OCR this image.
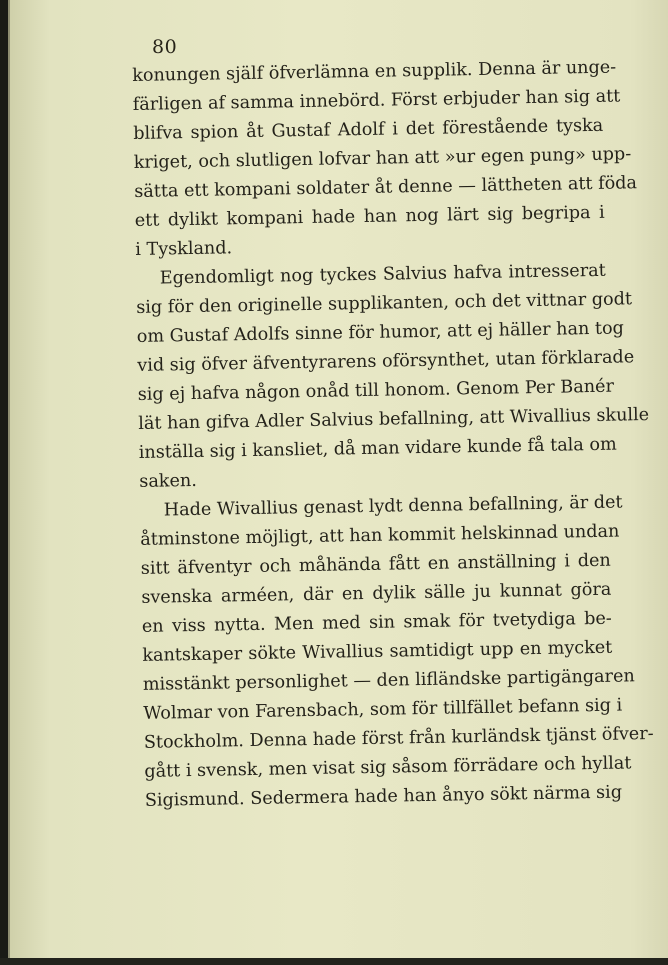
80
konungen själf öfverlämna en supplik. Denna är unge-
färligen af samma innebörd. Först erbjuder han sig att
blifva spion åt Gustaf Adolf i det förestående tyska
kriget, och slutligen lofvar han att »ur egen pung» upp-
sätta ett kompani soldater åt denne — lättheten att föda
ett dylikt kompani hade han nog lärt sig begripa i
i Tyskland.
Egendomligt nog tyckes Salvius hafva intresserat
sig för den originelle supplikanten, och det vittnar godt
om Gustaf Adolfs sinne för humor, att ej häller han tog
vid sig öfver äfventyrarens oförsynthet, utan förklarade
sig ej hafva någon onåd till honom. Genom Per Banér
lät han gifva Adler Salvius befallning, att Wivallius skulle
inställa sig i kansliet, då man vidare kunde få tala om
saken.
Hade Wivallius genast lydt denna befallning, är det
åtminstone möjligt, att han kommit helskinnad undan
sitt äfventyr och måhända fått en anställning i den
svenska arméen, där en dylik sälle ju kunnat göra
en viss nytta. Men med sin smak för tvetydiga be-
kantskaper sökte Wivallius samtidigt upp en mycket
misstänkt personlighet — den lifländske partigängaren
Wolmar von Farensbach, som för tillfället befann sig i
Stockholm. Denna hade först från kurländsk tjänst öfver-
gått i svensk, men visat sig såsom förrädare och hyllat
Sigismund. Sedermera hade han ånyo sökt närma sig
